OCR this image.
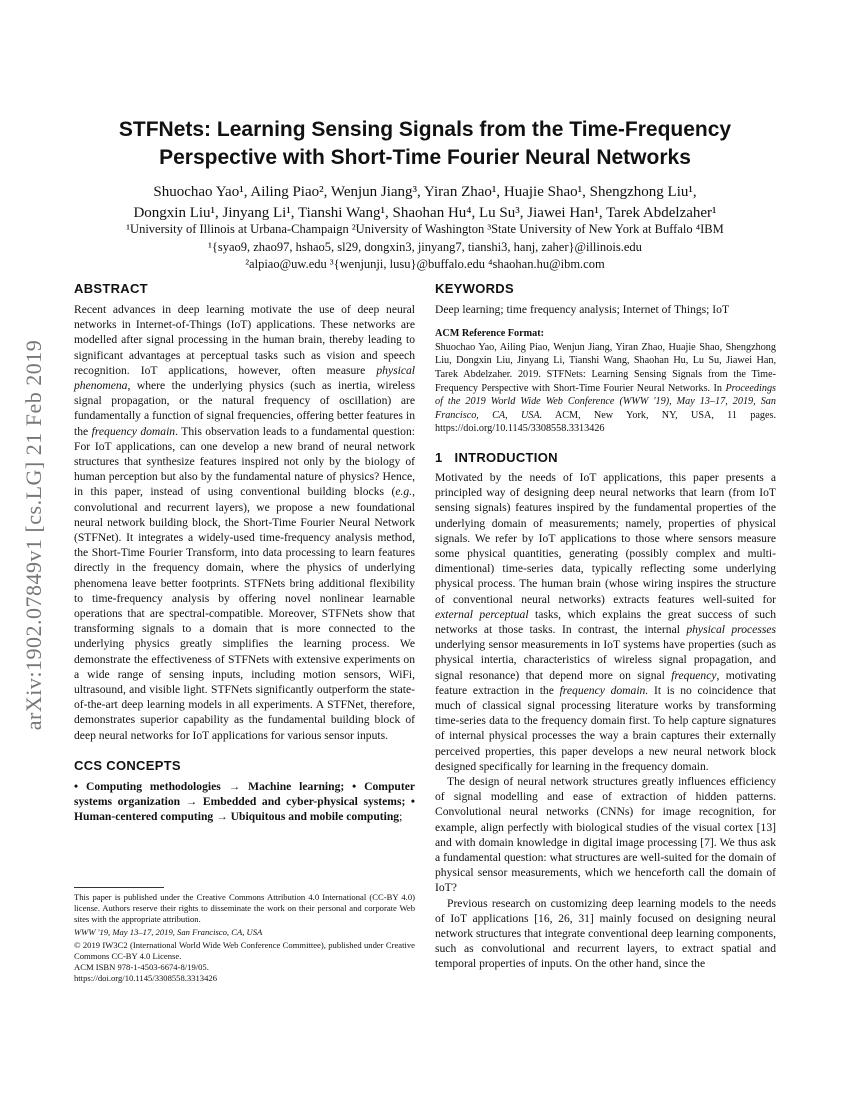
arXiv:1902.07849v1 [cs.LG] 21 Feb 2019
STFNets: Learning Sensing Signals from the Time-Frequency
Perspective with Short-Time Fourier Neural Networks
Shuochao Yao¹, Ailing Piao², Wenjun Jiang³, Yiran Zhao¹, Huajie Shao¹, Shengzhong Liu¹,
Dongxin Liu¹, Jinyang Li¹, Tianshi Wang¹, Shaohan Hu⁴, Lu Su³, Jiawei Han¹, Tarek Abdelzaher¹
¹University of Illinois at Urbana-Champaign ²University of Washington ³State University of New York at Buffalo ⁴IBM
¹{syao9, zhao97, hshao5, sl29, dongxin3, jinyang7, tianshi3, hanj, zaher}@illinois.edu
²alpiao@uw.edu ³{wenjunji, lusu}@buffalo.edu ⁴shaohan.hu@ibm.com
ABSTRACT

Recent advances in deep learning motivate the use of deep neural networks in Internet-of-Things (IoT) applications. These networks are modelled after signal processing in the human brain, thereby leading to significant advantages at perceptual tasks such as vision and speech recognition. IoT applications, however, often measure physical phenomena, where the underlying physics (such as inertia, wireless signal propagation, or the natural frequency of oscillation) are fundamentally a function of signal frequencies, offering better features in the frequency domain. This observation leads to a fundamental question: For IoT applications, can one develop a new brand of neural network structures that synthesize features inspired not only by the biology of human perception but also by the fundamental nature of physics? Hence, in this paper, instead of using conventional building blocks (e.g., convolutional and recurrent layers), we propose a new foundational neural network building block, the Short-Time Fourier Neural Network (STFNet). It integrates a widely-used time-frequency analysis method, the Short-Time Fourier Transform, into data processing to learn features directly in the frequency domain, where the physics of underlying phenomena leave better footprints. STFNets bring additional flexibility to time-frequency analysis by offering novel nonlinear learnable operations that are spectral-compatible. Moreover, STFNets show that transforming signals to a domain that is more connected to the underlying physics greatly simplifies the learning process. We demonstrate the effectiveness of STFNets with extensive experiments on a wide range of sensing inputs, including motion sensors, WiFi, ultrasound, and visible light. STFNets significantly outperform the state-of-the-art deep learning models in all experiments. A STFNet, therefore, demonstrates superior capability as the fundamental building block of deep neural networks for IoT applications for various sensor inputs.

CCS CONCEPTS

• Computing methodologies → Machine learning; • Computer systems organization → Embedded and cyber-physical systems; • Human-centered computing → Ubiquitous and mobile computing;

This paper is published under the Creative Commons Attribution 4.0 International (CC-BY 4.0) license. Authors reserve their rights to disseminate the work on their personal and corporate Web sites with the appropriate attribution.

WWW '19, May 13–17, 2019, San Francisco, CA, USA

© 2019 IW3C2 (International World Wide Web Conference Committee), published under Creative Commons CC-BY 4.0 License.

ACM ISBN 978-1-4503-6674-8/19/05.

https://doi.org/10.1145/3308558.3313426

KEYWORDS

Deep learning; time frequency analysis; Internet of Things; IoT

ACM Reference Format:

Shuochao Yao, Ailing Piao, Wenjun Jiang, Yiran Zhao, Huajie Shao, Shengzhong Liu, Dongxin Liu, Jinyang Li, Tianshi Wang, Shaohan Hu, Lu Su, Jiawei Han, Tarek Abdelzaher. 2019. STFNets: Learning Sensing Signals from the Time-Frequency Perspective with Short-Time Fourier Neural Networks. In Proceedings of the 2019 World Wide Web Conference (WWW '19), May 13–17, 2019, San Francisco, CA, USA. ACM, New York, NY, USA, 11 pages. https://doi.org/10.1145/3308558.3313426

1 INTRODUCTION

Motivated by the needs of IoT applications, this paper presents a principled way of designing deep neural networks that learn (from IoT sensing signals) features inspired by the fundamental properties of the underlying domain of measurements; namely, properties of physical signals. We refer by IoT applications to those where sensors measure some physical quantities, generating (possibly complex and multi-dimentional) time-series data, typically reflecting some underlying physical process. The human brain (whose wiring inspires the structure of conventional neural networks) extracts features well-suited for external perceptual tasks, which explains the great success of such networks at those tasks. In contrast, the internal physical processes underlying sensor measurements in IoT systems have properties (such as physical intertia, characteristics of wireless signal propagation, and signal resonance) that depend more on signal frequency, motivating feature extraction in the frequency domain. It is no coincidence that much of classical signal processing literature works by transforming time-series data to the frequency domain first. To help capture signatures of internal physical processes the way a brain captures their externally perceived properties, this paper develops a new neural network block designed specifically for learning in the frequency domain.

The design of neural network structures greatly influences efficiency of signal modelling and ease of extraction of hidden patterns. Convolutional neural networks (CNNs) for image recognition, for example, align perfectly with biological studies of the visual cortex [13] and with domain knowledge in digital image processing [7]. We thus ask a fundamental question: what structures are well-suited for the domain of physical sensor measurements, which we henceforth call the domain of IoT?

Previous research on customizing deep learning models to the needs of IoT applications [16, 26, 31] mainly focused on designing neural network structures that integrate conventional deep learning components, such as convolutional and recurrent layers, to extract spatial and temporal properties of inputs. On the other hand, since the
